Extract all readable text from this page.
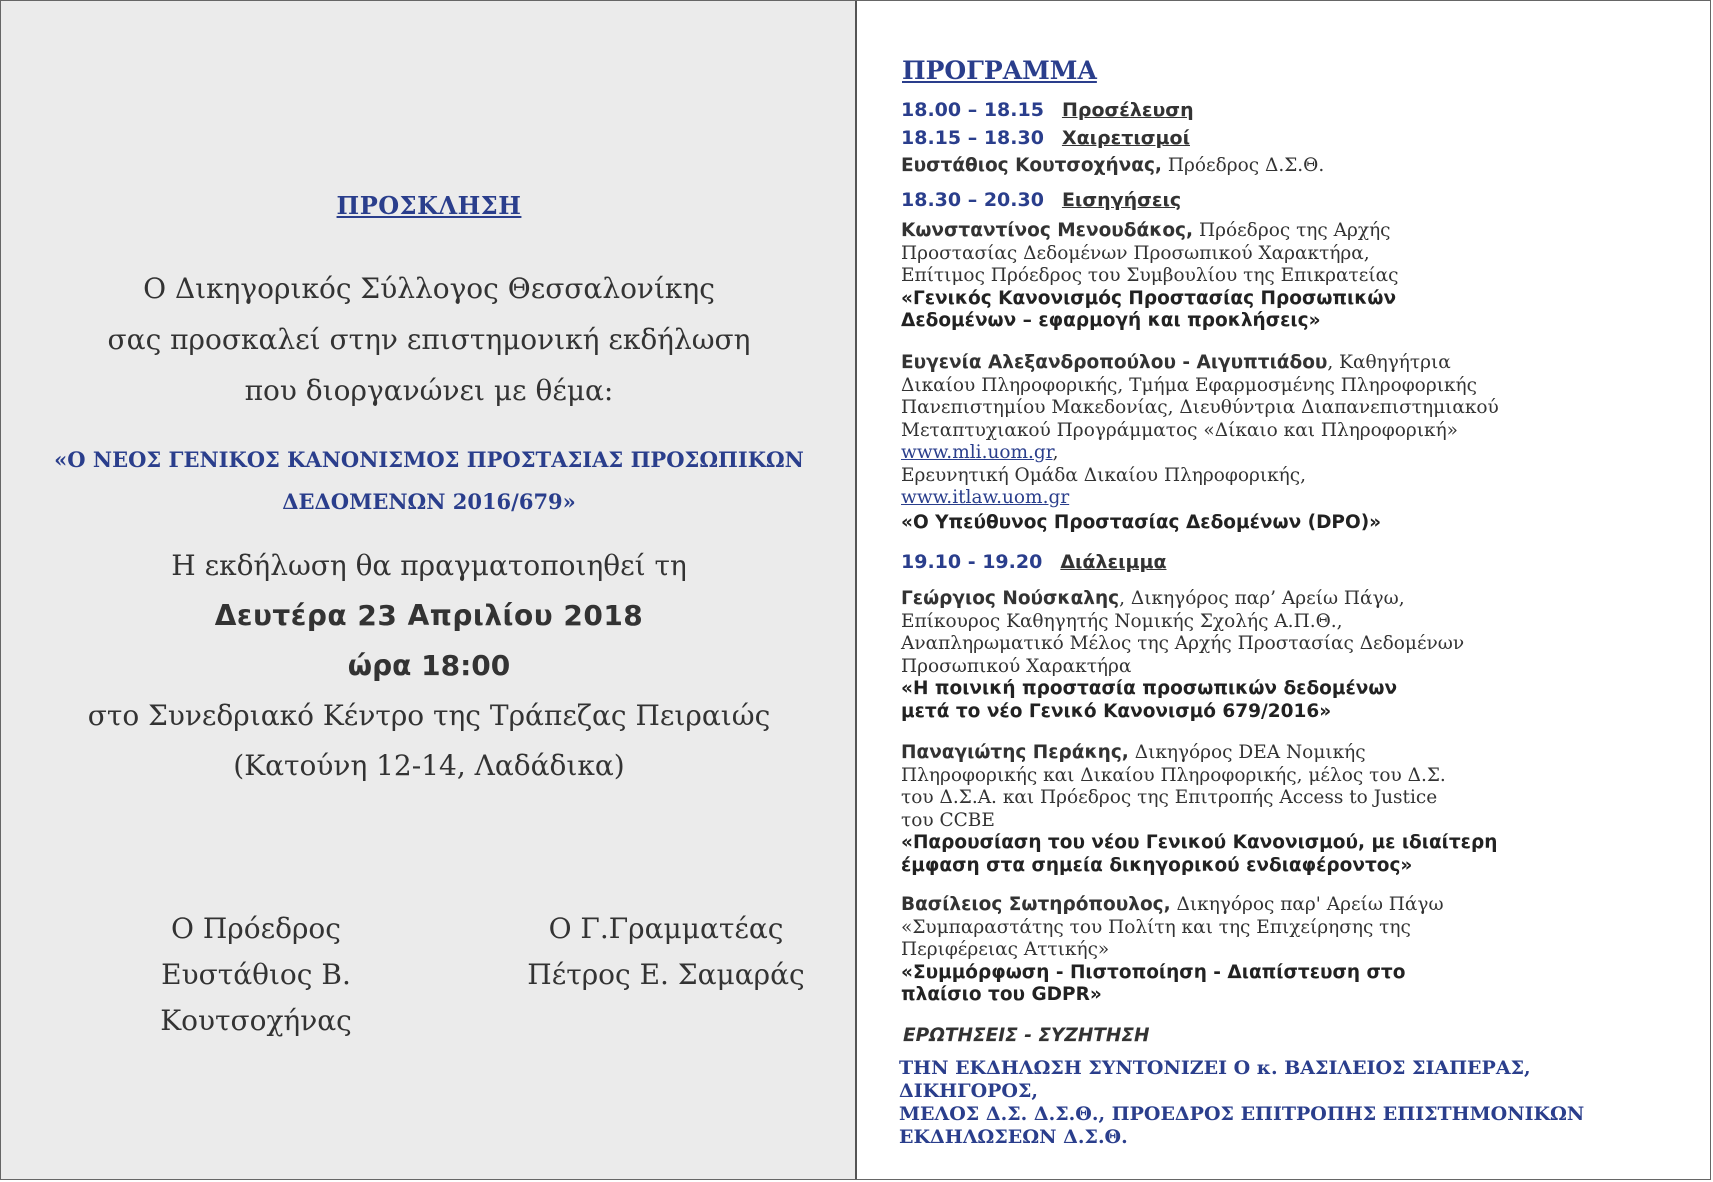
ΠΡΟΣΚΛΗΣΗ
Ο Δικηγορικός Σύλλογος Θεσσαλονίκης
σας προσκαλεί στην επιστημονική εκδήλωση
που διοργανώνει με θέμα:
«Ο ΝΕΟΣ ΓΕΝΙΚΟΣ ΚΑΝΟΝΙΣΜΟΣ ΠΡΟΣΤΑΣΙΑΣ ΠΡΟΣΩΠΙΚΩΝ
ΔΕΔΟΜΕΝΩΝ 2016/679»
Η εκδήλωση θα πραγματοποιηθεί τη
Δευτέρα 23 Απριλίου 2018
ώρα 18:00
στο Συνεδριακό Κέντρο της Τράπεζας Πειραιώς
(Κατούνη 12-14, Λαδάδικα)
Ο Πρόεδρος
Ευστάθιος Β. Κουτσοχήνας
Ο Γ.Γραμματέας
Πέτρος Ε. Σαμαράς
ΠΡΟΓΡΑΜΜΑ
18.00 – 18.15 Προσέλευση
18.15 – 18.30 Χαιρετισμοί
Ευστάθιος Κουτσοχήνας, Πρόεδρος Δ.Σ.Θ.
18.30 – 20.30 Εισηγήσεις
Κωνσταντίνος Μενουδάκος, Πρόεδρος της Αρχής
Προστασίας Δεδομένων Προσωπικού Χαρακτήρα,
Επίτιμος Πρόεδρος του Συμβουλίου της Επικρατείας
«Γενικός Κανονισμός Προστασίας Προσωπικών
Δεδομένων – εφαρμογή και προκλήσεις»
Ευγενία Αλεξανδροπούλου - Αιγυπτιάδου, Καθηγήτρια
Δικαίου Πληροφορικής, Τμήμα Εφαρμοσμένης Πληροφορικής
Πανεπιστημίου Μακεδονίας, Διευθύντρια Διαπανεπιστημιακού
Μεταπτυχιακού Προγράμματος «Δίκαιο και Πληροφορική»
www.mli.uom.gr,
Ερευνητική Ομάδα Δικαίου Πληροφορικής,
www.itlaw.uom.gr
«Ο Υπεύθυνος Προστασίας Δεδομένων (DPO)»
19.10 - 19.20 Διάλειμμα
Γεώργιος Νούσκαλης, Δικηγόρος παρ’ Αρείω Πάγω,
Επίκουρος Καθηγητής Νομικής Σχολής Α.Π.Θ.,
Αναπληρωματικό Μέλος της Αρχής Προστασίας Δεδομένων
Προσωπικού Χαρακτήρα
«Η ποινική προστασία προσωπικών δεδομένων
μετά το νέο Γενικό Κανονισμό 679/2016»
Παναγιώτης Περάκης, Δικηγόρος DEA Νομικής
Πληροφορικής και Δικαίου Πληροφορικής, μέλος του Δ.Σ.
του Δ.Σ.Α. και Πρόεδρος της Επιτροπής Access to Justice
του CCBE
«Παρουσίαση του νέου Γενικού Κανονισμού, με ιδιαίτερη
έμφαση στα σημεία δικηγορικού ενδιαφέροντος»
Βασίλειος Σωτηρόπουλος, Δικηγόρος παρ' Αρείω Πάγω
«Συμπαραστάτης του Πολίτη και της Επιχείρησης της
Περιφέρειας Αττικής»
«Συμμόρφωση - Πιστοποίηση - Διαπίστευση στο
πλαίσιο του GDPR»
ΕΡΩΤΗΣΕΙΣ - ΣΥΖΗΤΗΣΗ
ΤΗΝ ΕΚΔΗΛΩΣΗ ΣΥΝΤΟΝΙΖΕΙ Ο κ. ΒΑΣΙΛΕΙΟΣ ΣΙΑΠΕΡΑΣ, ΔΙΚΗΓΟΡΟΣ,
ΜΕΛΟΣ Δ.Σ. Δ.Σ.Θ., ΠΡΟΕΔΡΟΣ ΕΠΙΤΡΟΠΗΣ ΕΠΙΣΤΗΜΟΝΙΚΩΝ
ΕΚΔΗΛΩΣΕΩΝ Δ.Σ.Θ.
